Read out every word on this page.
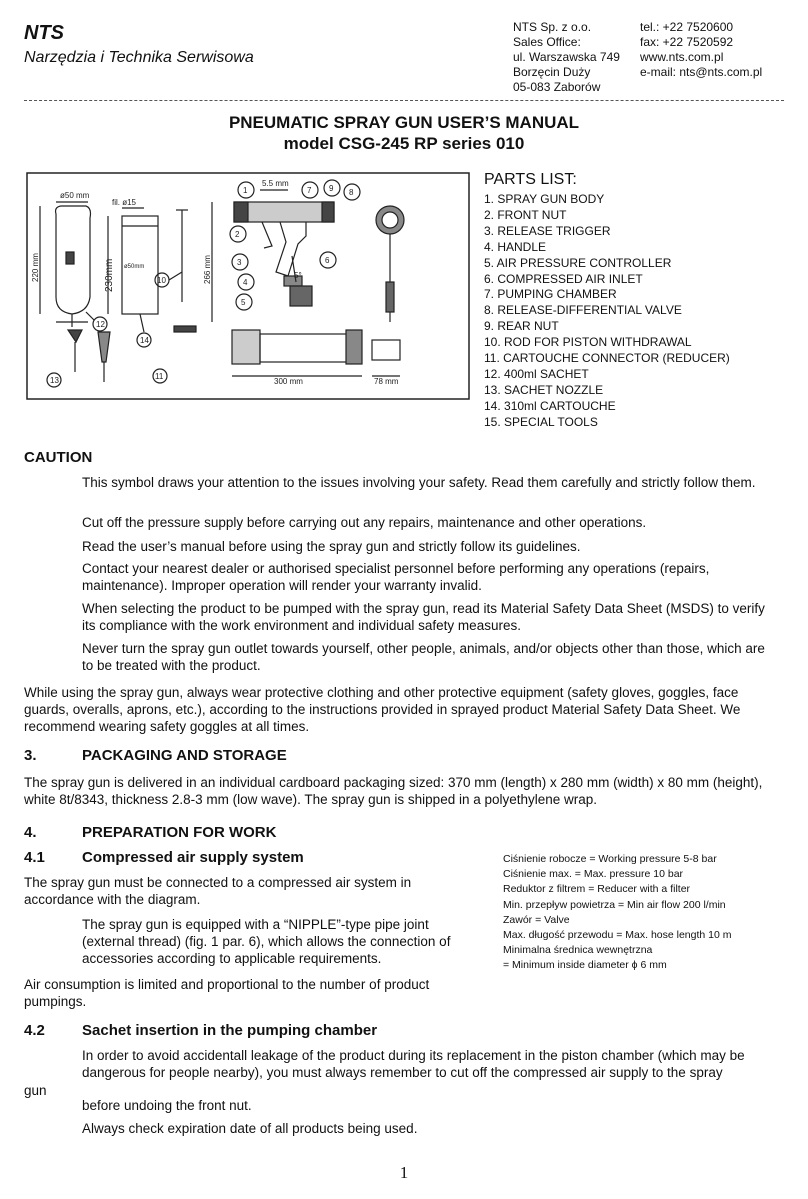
NTS
Narzędzia i Technika Serwisowa
NTS Sp. z o.o.
Sales Office:
ul. Warszawska 749
Borzęcin Duży
05-083 Zaborów
tel.: +22 7520600
fax: +22 7520592
www.nts.com.pl
e-mail: nts@nts.com.pl
PNEUMATIC SPRAY GUN USER’S MANUAL
model CSG-245 RP series 010
ø50 mm
220 mm
12
fil. ø15
ø50mm
230mm
14
10	266 mm
5.5 mm
5°
1
2
3
4
5
6
7 9 8
13	11
300 mm	78 mm
PARTS LIST:
1. SPRAY GUN BODY
2. FRONT NUT
3. RELEASE TRIGGER
4. HANDLE
5. AIR PRESSURE CONTROLLER
6. COMPRESSED AIR INLET
7. PUMPING CHAMBER
8. RELEASE-DIFFERENTIAL VALVE
9. REAR NUT
10. ROD FOR PISTON WITHDRAWAL
11. CARTOUCHE CONNECTOR (REDUCER)
12. 400ml SACHET
13. SACHET NOZZLE
14. 310ml CARTOUCHE
15. SPECIAL TOOLS
CAUTION
This symbol draws your attention to the issues involving your safety. Read them carefully and strictly follow them.
Cut off the pressure supply before carrying out any repairs, maintenance and other operations.
Read the user’s manual before using the spray gun and strictly follow its guidelines.
Contact your nearest dealer or authorised specialist personnel before performing any operations (repairs, maintenance). Improper operation will render your warranty invalid.
When selecting the product to be pumped with the spray gun, read its Material Safety Data Sheet (MSDS) to verify its compliance with the work environment and individual safety measures.
Never turn the spray gun outlet towards yourself, other people, animals, and/or objects other than those, which are to be treated with the product.
While using the spray gun, always wear protective clothing and other protective equipment (safety gloves, goggles, face guards, overalls, aprons, etc.), according to the instructions provided in sprayed product Material Safety Data Sheet. We recommend wearing safety goggles at all times.
3.	PACKAGING AND STORAGE
The spray gun is delivered in an individual cardboard packaging sized: 370 mm (length) x 280 mm (width) x 80 mm (height), white 8t/8343, thickness 2.8-3 mm (low wave). The spray gun is shipped in a polyethylene wrap.
4.	PREPARATION FOR WORK
4.1 Compressed air supply system
The spray gun must be connected to a compressed air system in accordance with the diagram.
The spray gun is equipped with a “NIPPLE”-type pipe joint (external thread) (fig. 1 par. 6), which allows the connection of accessories according to applicable requirements.
Air consumption is limited and proportional to the number of product pumpings.
Ciśnienie robocze = Working pressure 5-8 bar
Ciśnienie max. = Max. pressure 10 bar
Reduktor z filtrem = Reducer with a filter
Min. przepływ powietrza = Min air flow 200 l/min
Zawór = Valve
Max. długość przewodu = Max. hose length 10 m
Minimalna średnica wewnętrzna
= Minimum inside diameter ϕ 6 mm
4.2 Sachet insertion in the pumping chamber
In order to avoid accidentall leakage of the product during its replacement in the piston chamber (which may be dangerous for people nearby), you must always remember to cut off the compressed air supply to the spray
gun
before undoing the front nut.
Always check expiration date of all products being used.
1
